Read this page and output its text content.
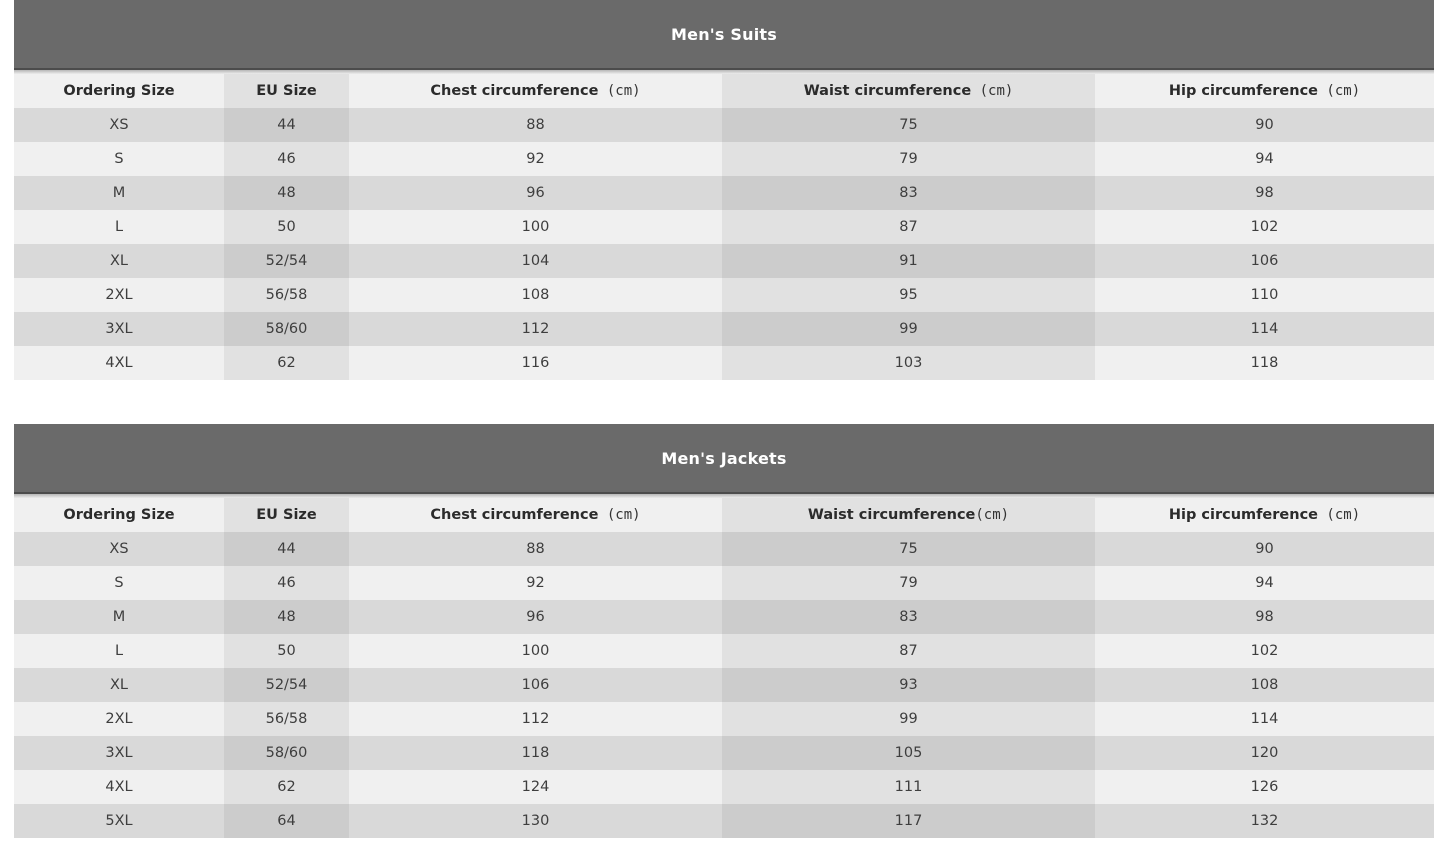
Men's Suits
Ordering Size	EU Size	Chest circumference (cm)	Waist circumference (cm)	Hip circumference (cm)
XS	44	88	75	90
S	46	92	79	94
M	48	96	83	98
L	50	100	87	102
XL	52/54	104	91	106
2XL	56/58	108	95	110
3XL	58/60	112	99	114
4XL	62	116	103	118
Men's Jackets
Ordering Size	EU Size	Chest circumference (cm)	Waist circumference (cm)	Hip circumference (cm)
XS	44	88	75	90
S	46	92	79	94
M	48	96	83	98
L	50	100	87	102
XL	52/54	106	93	108
2XL	56/58	112	99	114
3XL	58/60	118	105	120
4XL	62	124	111	126
5XL	64	130	117	132
